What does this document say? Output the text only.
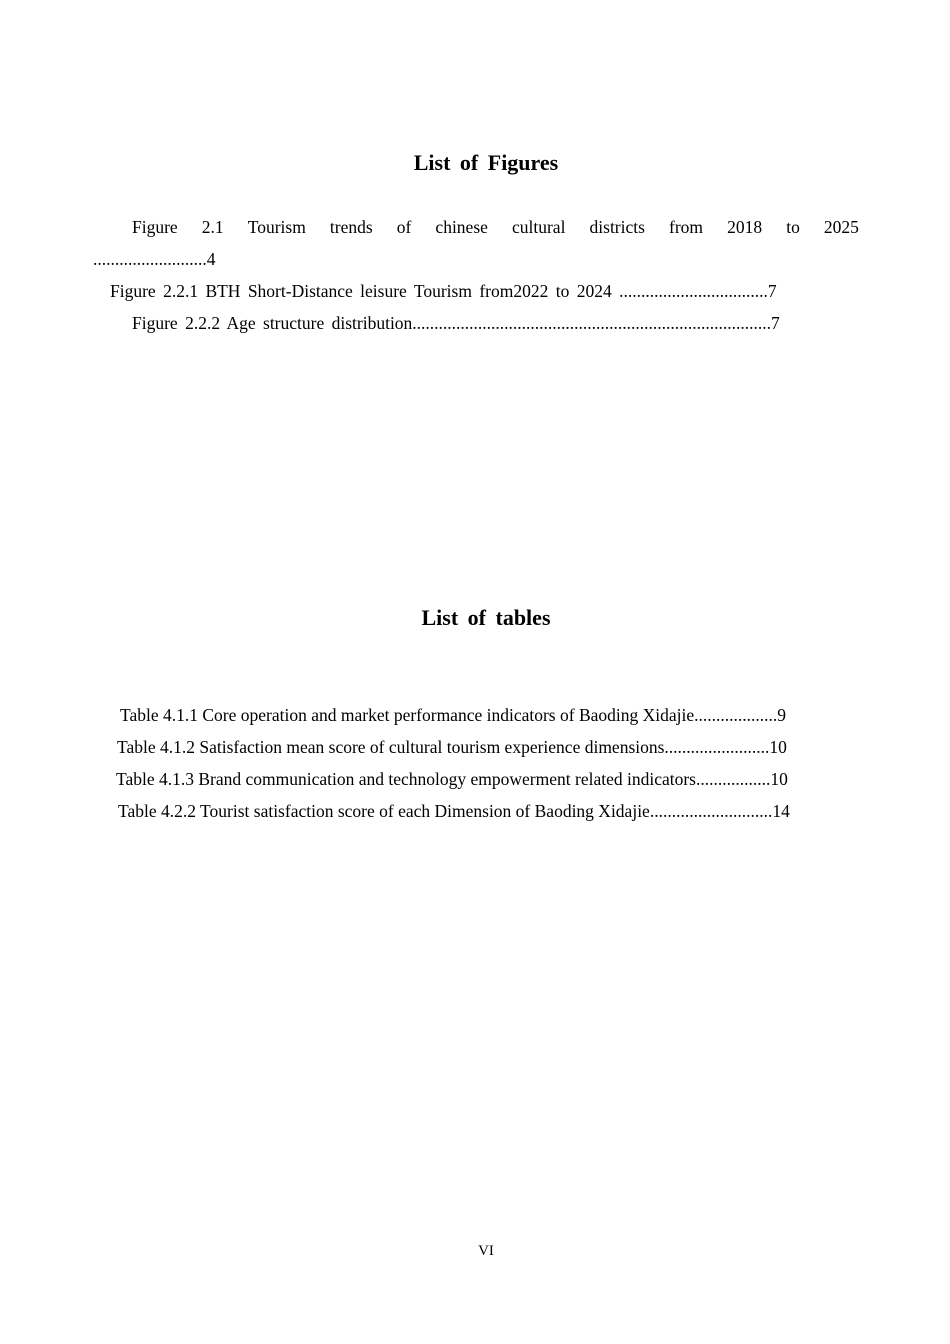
List of Figures
Figure 2.1 Tourism trends of chinese cultural districts from 2018 to 2025
..........................4
Figure 2.2.1 BTH Short-Distance leisure Tourism from2022 to 2024 ..................................7
Figure 2.2.2 Age structure distribution..................................................................................7
List of tables
Table 4.1.1 Core operation and market performance indicators of Baoding Xidajie...................9
Table 4.1.2 Satisfaction mean score of cultural tourism experience dimensions........................10
Table 4.1.3 Brand communication and technology empowerment related indicators.................10
Table 4.2.2 Tourist satisfaction score of each Dimension of Baoding Xidajie............................14
VI
